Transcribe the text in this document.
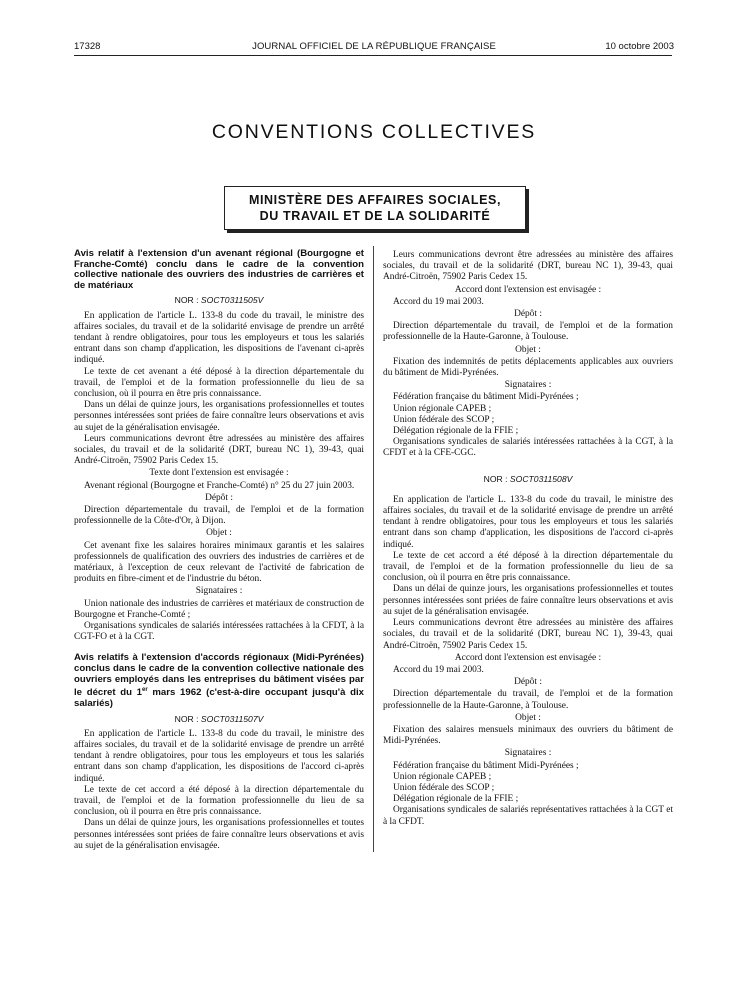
17328	JOURNAL OFFICIEL DE LA RÉPUBLIQUE FRANÇAISE	10 octobre 2003
CONVENTIONS COLLECTIVES
MINISTÈRE DES AFFAIRES SOCIALES,
DU TRAVAIL ET DE LA SOLIDARITÉ
Avis relatif à l'extension d'un avenant régional (Bourgogne et Franche-Comté) conclu dans le cadre de la convention collective nationale des ouvriers des industries de carrières et de matériaux
NOR : SOCT0311505V

En application de l'article L. 133-8 du code du travail, le ministre des affaires sociales, du travail et de la solidarité envisage de prendre un arrêté tendant à rendre obligatoires, pour tous les employeurs et tous les salariés entrant dans son champ d'application, les dispositions de l'avenant ci-après indiqué.

Le texte de cet avenant a été déposé à la direction départementale du travail, de l'emploi et de la formation professionnelle du lieu de sa conclusion, où il pourra en être pris connaissance.

Dans un délai de quinze jours, les organisations professionnelles et toutes personnes intéressées sont priées de faire connaître leurs observations et avis au sujet de la généralisation envisagée.

Leurs communications devront être adressées au ministère des affaires sociales, du travail et de la solidarité (DRT, bureau NC 1), 39-43, quai André-Citroën, 75902 Paris Cedex 15.

Texte dont l'extension est envisagée :

Avenant régional (Bourgogne et Franche-Comté) n° 25 du 27 juin 2003.

Dépôt :

Direction départementale du travail, de l'emploi et de la formation professionnelle de la Côte-d'Or, à Dijon.

Objet :

Cet avenant fixe les salaires horaires minimaux garantis et les salaires professionnels de qualification des ouvriers des industries de carrières et de matériaux, à l'exception de ceux relevant de l'activité de fabrication de produits en fibre-ciment et de l'industrie du béton.

Signataires :

Union nationale des industries de carrières et matériaux de construction de Bourgogne et Franche-Comté ;

Organisations syndicales de salariés intéressées rattachées à la CFDT, à la CGT-FO et à la CGT.

Avis relatifs à l'extension d'accords régionaux (Midi-Pyrénées) conclus dans le cadre de la convention collective nationale des ouvriers employés dans les entreprises du bâtiment visées par le décret du 1er mars 1962 (c'est-à-dire occupant jusqu'à dix salariés)
NOR : SOCT0311507V

En application de l'article L. 133-8 du code du travail, le ministre des affaires sociales, du travail et de la solidarité envisage de prendre un arrêté tendant à rendre obligatoires, pour tous les employeurs et tous les salariés entrant dans son champ d'application, les dispositions de l'accord ci-après indiqué.

Le texte de cet accord a été déposé à la direction départementale du travail, de l'emploi et de la formation professionnelle du lieu de sa conclusion, où il pourra en être pris connaissance.

Dans un délai de quinze jours, les organisations professionnelles et toutes personnes intéressées sont priées de faire connaître leurs observations et avis au sujet de la généralisation envisagée.

Leurs communications devront être adressées au ministère des affaires sociales, du travail et de la solidarité (DRT, bureau NC 1), 39-43, quai André-Citroën, 75902 Paris Cedex 15.

Accord dont l'extension est envisagée :

Accord du 19 mai 2003.

Dépôt :

Direction départementale du travail, de l'emploi et de la formation professionnelle de la Haute-Garonne, à Toulouse.

Objet :

Fixation des indemnités de petits déplacements applicables aux ouvriers du bâtiment de Midi-Pyrénées.

Signataires :

Fédération française du bâtiment Midi-Pyrénées ;

Union régionale CAPEB ;

Union fédérale des SCOP ;

Délégation régionale de la FFIE ;

Organisations syndicales de salariés intéressées rattachées à la CGT, à la CFDT et à la CFE-CGC.

NOR : SOCT0311508V

En application de l'article L. 133-8 du code du travail, le ministre des affaires sociales, du travail et de la solidarité envisage de prendre un arrêté tendant à rendre obligatoires, pour tous les employeurs et tous les salariés entrant dans son champ d'application, les dispositions de l'accord ci-après indiqué.

Le texte de cet accord a été déposé à la direction départementale du travail, de l'emploi et de la formation professionnelle du lieu de sa conclusion, où il pourra en être pris connaissance.

Dans un délai de quinze jours, les organisations professionnelles et toutes personnes intéressées sont priées de faire connaître leurs observations et avis au sujet de la généralisation envisagée.

Leurs communications devront être adressées au ministère des affaires sociales, du travail et de la solidarité (DRT, bureau NC 1), 39-43, quai André-Citroën, 75902 Paris Cedex 15.

Accord dont l'extension est envisagée :

Accord du 19 mai 2003.

Dépôt :

Direction départementale du travail, de l'emploi et de la formation professionnelle de la Haute-Garonne, à Toulouse.

Objet :

Fixation des salaires mensuels minimaux des ouvriers du bâtiment de Midi-Pyrénées.

Signataires :

Fédération française du bâtiment Midi-Pyrénées ;

Union régionale CAPEB ;

Union fédérale des SCOP ;

Délégation régionale de la FFIE ;

Organisations syndicales de salariés représentatives rattachées à la CGT et à la CFDT.
